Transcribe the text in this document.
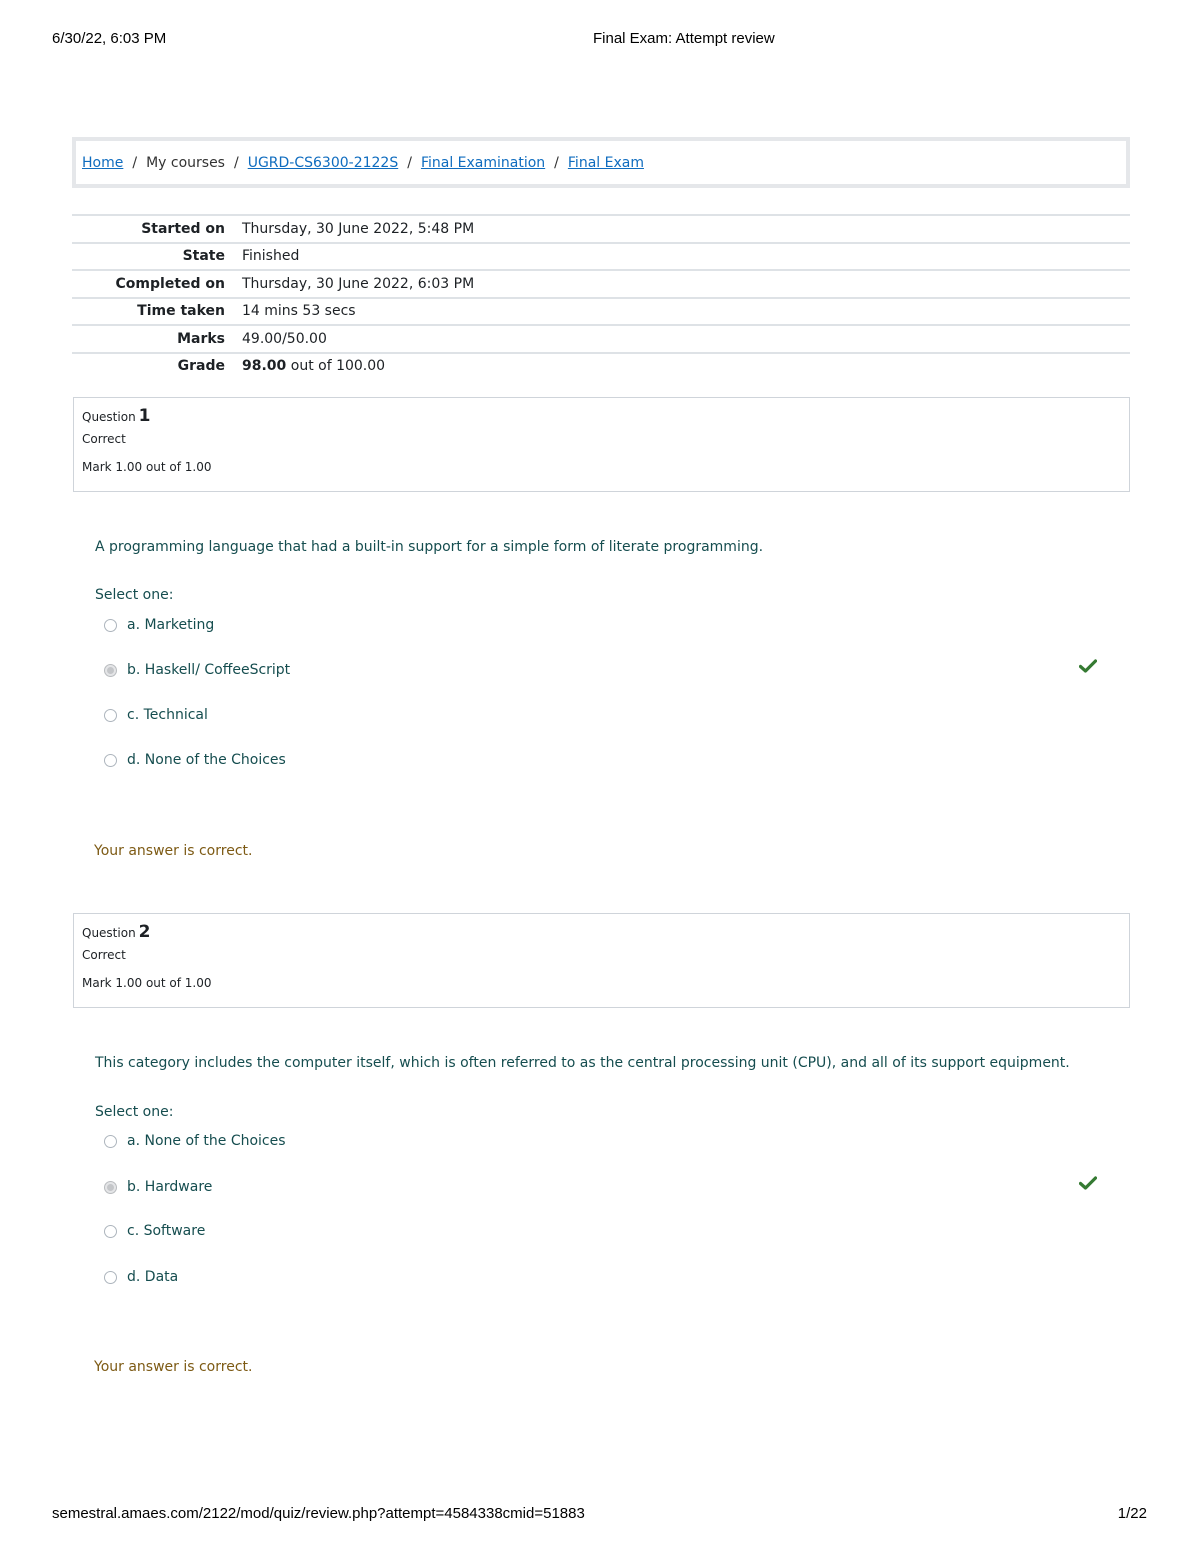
6/30/22, 6:03 PM	Final Exam: Attempt review
Home / My courses / UGRD-CS6300-2122S / Final Examination / Final Exam
Started on Thursday, 30 June 2022, 5:48 PM
State Finished
Completed on Thursday, 30 June 2022, 6:03 PM
Time taken 14 mins 53 secs
Marks 49.00/50.00
Grade 98.00 out of 100.00
Question 1
Correct
Mark 1.00 out of 1.00
A programming language that had a built-in support for a simple form of literate programming.
Select one:
a. Marketing
b. Haskell/ CoffeeScript
c. Technical
d. None of the Choices
Your answer is correct.
Question 2
Correct
Mark 1.00 out of 1.00
This category includes the computer itself, which is often referred to as the central processing unit (CPU), and all of its support equipment.
Select one:
a. None of the Choices
b. Hardware
c. Software
d. Data
Your answer is correct.
semestral.amaes.com/2122/mod/quiz/review.php?attempt=4584338cmid=51883	1/22
